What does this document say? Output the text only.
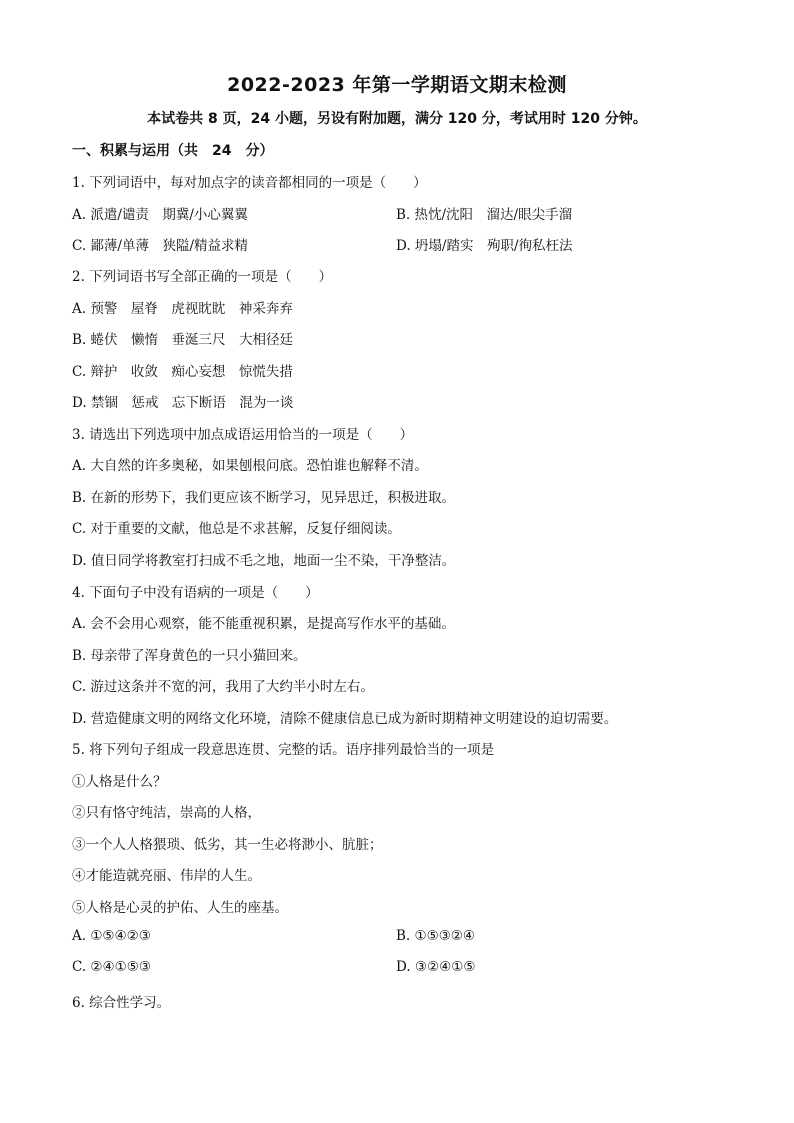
2022-2023 年第一学期语文期末检测
本试卷共 8 页，24 小题，另设有附加题，满分 120 分，考试用时 120 分钟。
一、积累与运用（共　24　分）
1. 下列词语中，每对加点字的读音都相同的一项是（　　）
A. 派遣/谴责　期冀/小心翼翼	B. 热忱/沈阳　溜达/眼尖手溜
C. 鄙薄/单薄　狭隘/精益求精	D. 坍塌/踏实　殉职/徇私枉法
2. 下列词语书写全部正确的一项是（　　）
A. 预警　屋脊　虎视眈眈　神采奔弃
B. 蜷伏　懒惰　垂涎三尺　大相径廷
C. 辩护　收敛　痴心妄想　惊慌失措
D. 禁锢　惩戒　忘下断语　混为一谈
3. 请选出下列选项中加点成语运用恰当的一项是（　　）
A. 大自然的许多奥秘，如果刨根问底。恐怕谁也解释不清。
B. 在新的形势下，我们更应该不断学习，见异思迁，积极进取。
C. 对于重要的文献，他总是不求甚解，反复仔细阅读。
D. 值日同学将教室打扫成不毛之地，地面一尘不染，干净整洁。
4. 下面句子中没有语病的一项是（　　）
A. 会不会用心观察，能不能重视积累，是提高写作水平的基础。
B. 母亲带了浑身黄色的一只小猫回来。
C. 游过这条并不宽的河，我用了大约半小时左右。
D. 营造健康文明的网络文化环境，清除不健康信息已成为新时期精神文明建设的迫切需要。
5. 将下列句子组成一段意思连贯、完整的话。语序排列最恰当的一项是
①人格是什么？
②只有恪守纯洁，崇高的人格，
③一个人人格猥琐、低劣，其一生必将渺小、肮脏；
④才能造就亮丽、伟岸的人生。
⑤人格是心灵的护佑、人生的座基。
A. ①⑤④②③	B. ①⑤③②④
C. ②④①⑤③	D. ③②④①⑤
6. 综合性学习。
